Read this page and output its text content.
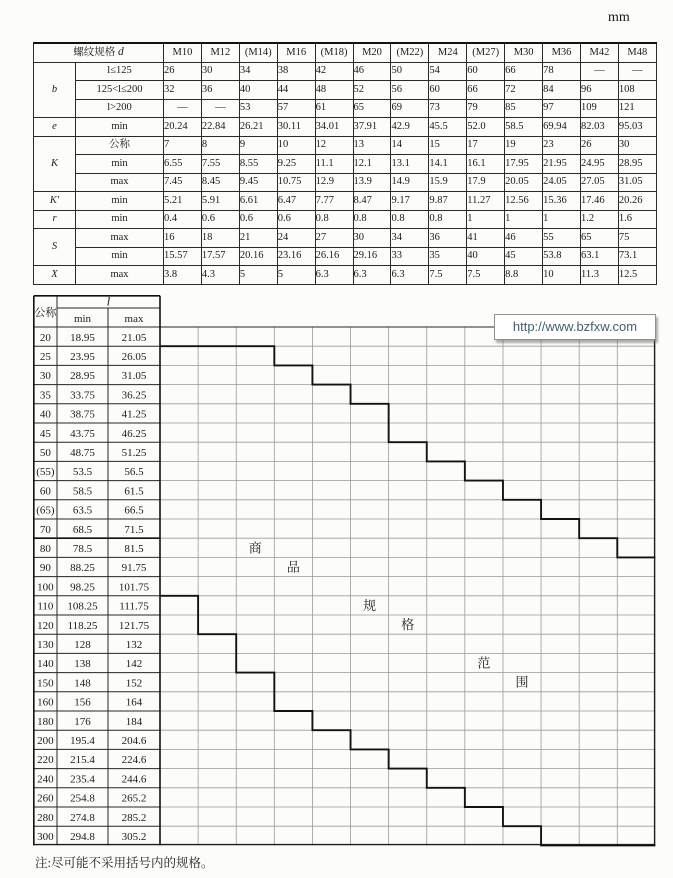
mm
螺纹规格 d		M10	M12	(M14)	M16	(M18)	M20	(M22)	M24	(M27)	M30	M36	M42	M48
b	l≤125	26	30	34	38	42	46	50	54	60	66	78	—	—
	125<l≤200	32	36	40	44	48	52	56	60	66	72	84	96	108
	l>200	—	—	53	57	61	65	69	73	79	85	97	109	121
e	min	20.24	22.84	26.21	30.11	34.01	37.91	42.9	45.5	52.0	58.5	69.94	82.03	95.03
K	公称	7	8	9	10	12	13	14	15	17	19	23	26	30
	min	6.55	7.55	8.55	9.25	11.1	12.1	13.1	14.1	16.1	17.95	21.95	24.95	28.95
	max	7.45	8.45	9.45	10.75	12.9	13.9	14.9	15.9	17.9	20.05	24.05	27.05	31.05
K′	min	5.21	5.91	6.61	6.47	7.77	8.47	9.17	9.87	11.27	12.56	15.36	17.46	20.26
r	min	0.4	0.6	0.6	0.6	0.8	0.8	0.8	0.8	1	1	1	1.2	1.6
S	max	16	18	21	24	27	30	34	36	41	46	55	65	75
	min	15.57	17.57	20.16	23.16	26.16	29.16	33	35	40	45	53.8	63.1	73.1
X	max	3.8	4.3	5	5	6.3	6.3	6.3	7.5	7.5	8.8	10	11.3	12.5
l
公称 min	max
20 18.95 21.05
25 23.95 26.05
30 28.95 31.05
35 33.75 36.25
40 38.75 41.25
45 43.75 46.25
50 48.75 51.25
(55) 53.5	56.5
60 58.5	61.5
(65) 63.5	66.5
70 68.5	71.5
80 78.5	81.5
90 88.25 91.75
100 98.25 101.75
110 108.25 111.75
120 118.25 121.75
130 128	132
140 138	142
150 148	152
160 156	164
180 176	184
200 195.4 204.6
220 215.4 224.6
240 235.4 244.6
260 254.8 265.2
280 274.8 285.2
300 294.8 305.2
商
品
规
格
范
围
http://www.bzfxw.com
注:尽可能不采用括号内的规格。
